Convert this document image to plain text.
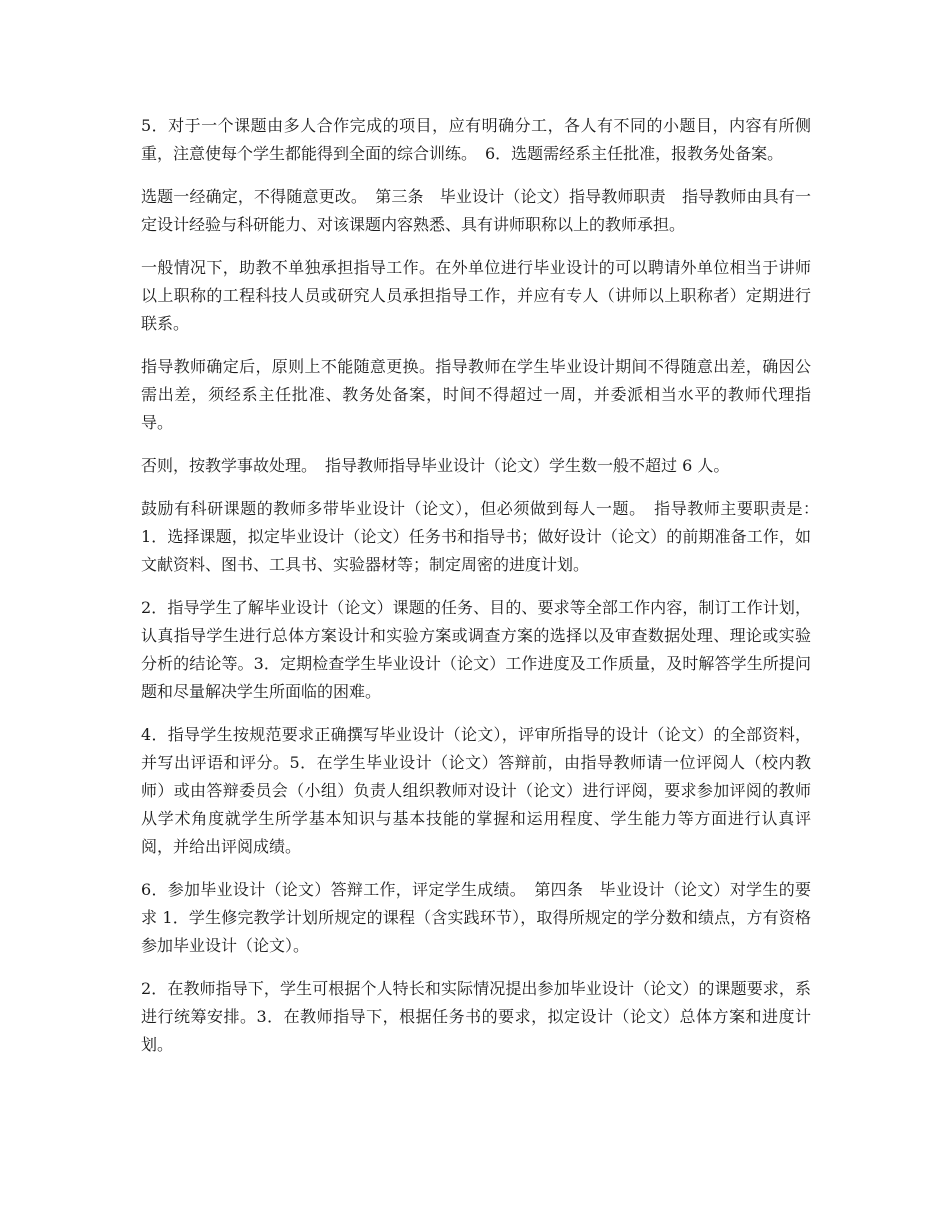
5．对于一个课题由多人合作完成的项目，应有明确分工，各人有不同的小题目，内容有所侧重，注意使每个学生都能得到全面的综合训练。　6．选题需经系主任批准，报教务处备案。

选题一经确定，不得随意更改。　第三条　毕业设计（论文）指导教师职责　指导教师由具有一定设计经验与科研能力、对该课题内容熟悉、具有讲师职称以上的教师承担。

一般情况下，助教不单独承担指导工作。在外单位进行毕业设计的可以聘请外单位相当于讲师以上职称的工程科技人员或研究人员承担指导工作，并应有专人（讲师以上职称者）定期进行联系。

指导教师确定后，原则上不能随意更换。指导教师在学生毕业设计期间不得随意出差，确因公需出差，须经系主任批准、教务处备案，时间不得超过一周，并委派相当水平的教师代理指导。

否则，按教学事故处理。　指导教师指导毕业设计（论文）学生数一般不超过 6 人。

鼓励有科研课题的教师多带毕业设计（论文），但必须做到每人一题。　指导教师主要职责是：　1．选择课题，拟定毕业设计（论文）任务书和指导书；做好设计（论文）的前期准备工作，如文献资料、图书、工具书、实验器材等；制定周密的进度计划。

2．指导学生了解毕业设计（论文）课题的任务、目的、要求等全部工作内容，制订工作计划，认真指导学生进行总体方案设计和实验方案或调查方案的选择以及审查数据处理、理论或实验分析的结论等。3．定期检查学生毕业设计（论文）工作进度及工作质量，及时解答学生所提问题和尽量解决学生所面临的困难。

4．指导学生按规范要求正确撰写毕业设计（论文），评审所指导的设计（论文）的全部资料，并写出评语和评分。5．在学生毕业设计（论文）答辩前，由指导教师请一位评阅人（校内教师）或由答辩委员会（小组）负责人组织教师对设计（论文）进行评阅，要求参加评阅的教师从学术角度就学生所学基本知识与基本技能的掌握和运用程度、学生能力等方面进行认真评阅，并给出评阅成绩。

6．参加毕业设计（论文）答辩工作，评定学生成绩。　第四条　毕业设计（论文）对学生的要求 1．学生修完教学计划所规定的课程（含实践环节），取得所规定的学分数和绩点，方有资格参加毕业设计（论文）。

2．在教师指导下，学生可根据个人特长和实际情况提出参加毕业设计（论文）的课题要求，系进行统筹安排。3．在教师指导下，根据任务书的要求，拟定设计（论文）总体方案和进度计划。
